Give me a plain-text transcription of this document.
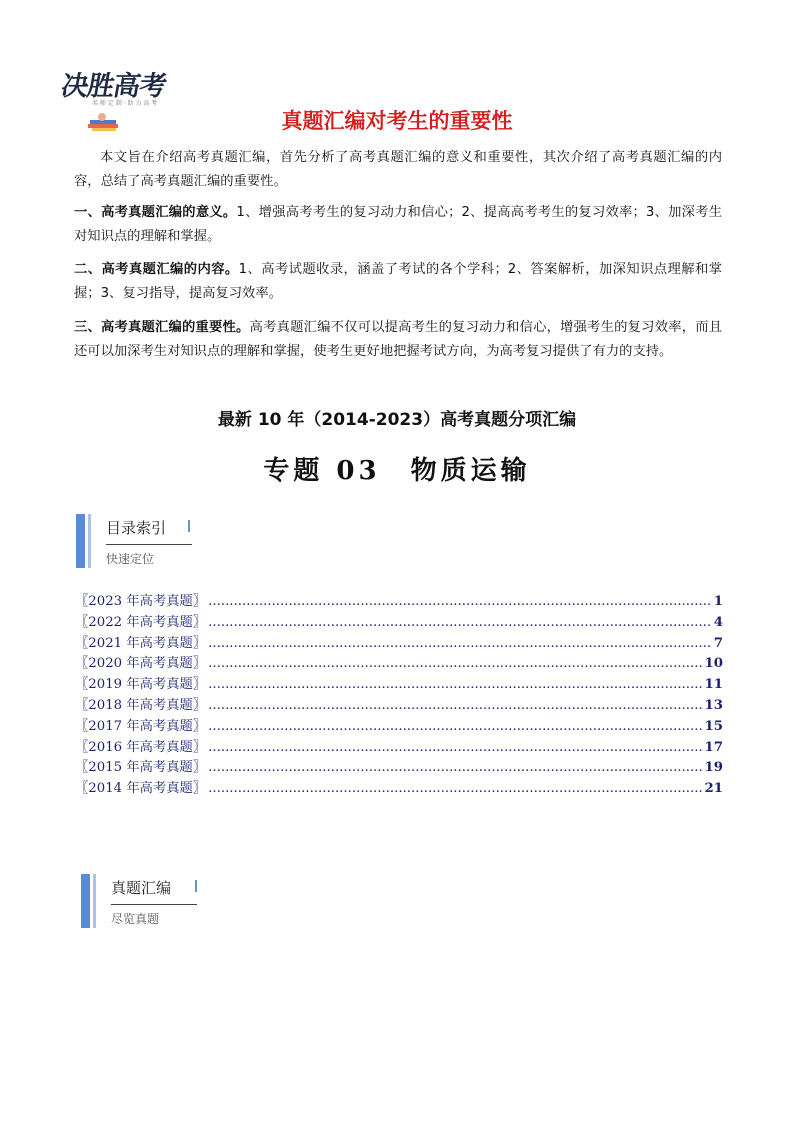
决胜高考
名 师 定 制 · 助 力 高 考
真题汇编对考生的重要性
本文旨在介绍高考真题汇编，首先分析了高考真题汇编的意义和重要性，其次介绍了高考真题汇编的内容，总结了高考真题汇编的重要性。
一、高考真题汇编的意义。1、增强高考考生的复习动力和信心；2、提高高考考生的复习效率；3、加深考生对知识点的理解和掌握。
二、高考真题汇编的内容。1、高考试题收录，涵盖了考试的各个学科；2、答案解析，加深知识点理解和掌握；3、复习指导，提高复习效率。
三、高考真题汇编的重要性。高考真题汇编不仅可以提高考生的复习动力和信心，增强考生的复习效率，而且还可以加深考生对知识点的理解和掌握，使考生更好地把握考试方向，为高考复习提供了有力的支持。
最新 10 年（2014-2023）高考真题分项汇编
专题 03　物质运输
目录索引
快速定位
〖2023 年高考真题〗 .....	1
〖2022 年高考真题〗 .....	4
〖2021 年高考真题〗 .....	7
〖2020 年高考真题〗 .....	10
〖2019 年高考真题〗 .....	11
〖2018 年高考真题〗 .....	13
〖2017 年高考真题〗 .....	15
〖2016 年高考真题〗 .....	17
〖2015 年高考真题〗 .....	19
〖2014 年高考真题〗 .....	21
真题汇编
尽览真题
